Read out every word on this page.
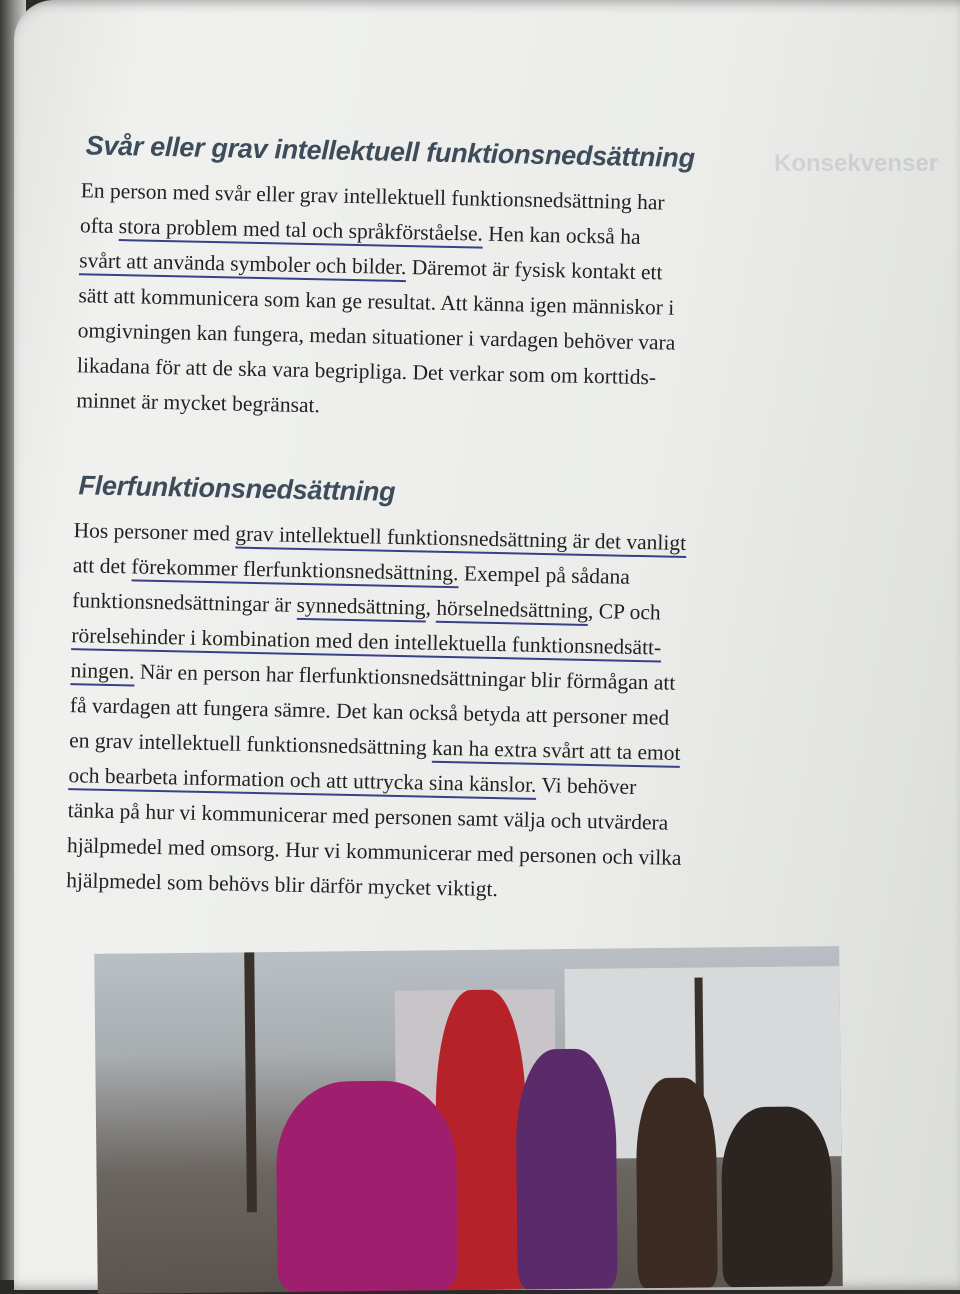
Konsekvenser
Svår eller grav intellektuell funktionsnedsättning

En person med svår eller grav intellektuell funktionsnedsättning har
ofta stora problem med tal och språkförståelse. Hen kan också ha
svårt att använda symboler och bilder. Däremot är fysisk kontakt ett
sätt att kommunicera som kan ge resultat. Att känna igen människor i
omgivningen kan fungera, medan situationer i vardagen behöver vara
likadana för att de ska vara begripliga. Det verkar som om korttids-
minnet är mycket begränsat.

Flerfunktionsnedsättning

Hos personer med grav intellektuell funktionsnedsättning är det vanligt
att det förekommer flerfunktionsnedsättning. Exempel på sådana
funktionsnedsättningar är synnedsättning, hörselnedsättning, CP och
rörelsehinder i kombination med den intellektuella funktionsnedsätt-
ningen. När en person har flerfunktionsnedsättningar blir förmågan att
få vardagen att fungera sämre. Det kan också betyda att personer med
en grav intellektuell funktionsnedsättning kan ha extra svårt att ta emot
och bearbeta information och att uttrycka sina känslor. Vi behöver
tänka på hur vi kommunicerar med personen samt välja och utvärdera
hjälpmedel med omsorg. Hur vi kommunicerar med personen och vilka
hjälpmedel som behövs blir därför mycket viktigt.
